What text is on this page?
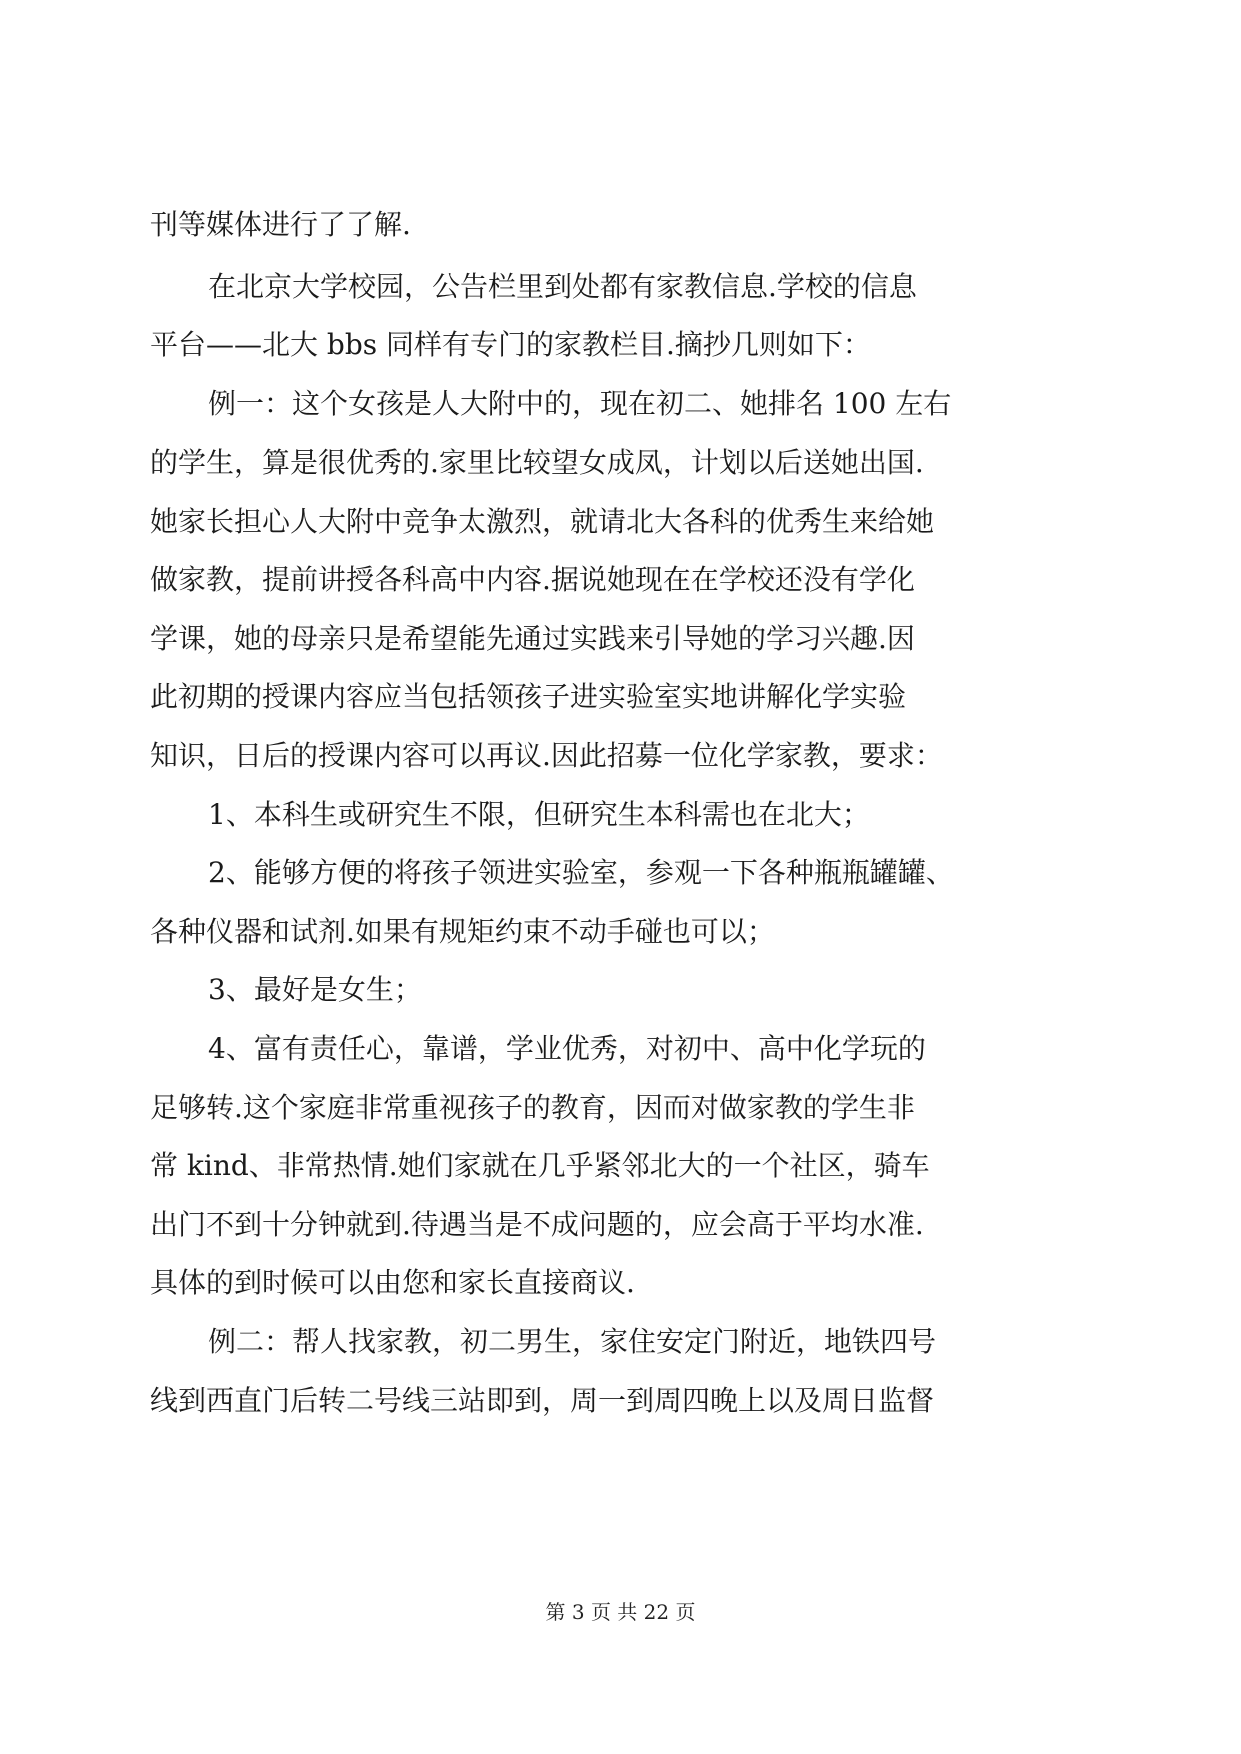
刊等媒体进行了了解.
在北京大学校园，公告栏里到处都有家教信息.学校的信息
平台——北大 bbs 同样有专门的家教栏目.摘抄几则如下：
例一：这个女孩是人大附中的，现在初二、她排名 100 左右
的学生，算是很优秀的.家里比较望女成凤，计划以后送她出国.
她家长担心人大附中竞争太激烈，就请北大各科的优秀生来给她
做家教，提前讲授各科高中内容.据说她现在在学校还没有学化
学课，她的母亲只是希望能先通过实践来引导她的学习兴趣.因
此初期的授课内容应当包括领孩子进实验室实地讲解化学实验
知识，日后的授课内容可以再议.因此招募一位化学家教，要求：
1、本科生或研究生不限，但研究生本科需也在北大；
2、能够方便的将孩子领进实验室，参观一下各种瓶瓶罐罐、
各种仪器和试剂.如果有规矩约束不动手碰也可以；
3、最好是女生；
4、富有责任心，靠谱，学业优秀，对初中、高中化学玩的
足够转.这个家庭非常重视孩子的教育，因而对做家教的学生非
常 kind、非常热情.她们家就在几乎紧邻北大的一个社区，骑车
出门不到十分钟就到.待遇当是不成问题的，应会高于平均水准.
具体的到时候可以由您和家长直接商议.
例二：帮人找家教，初二男生，家住安定门附近，地铁四号
线到西直门后转二号线三站即到，周一到周四晚上以及周日监督
第 3 页 共 22 页
